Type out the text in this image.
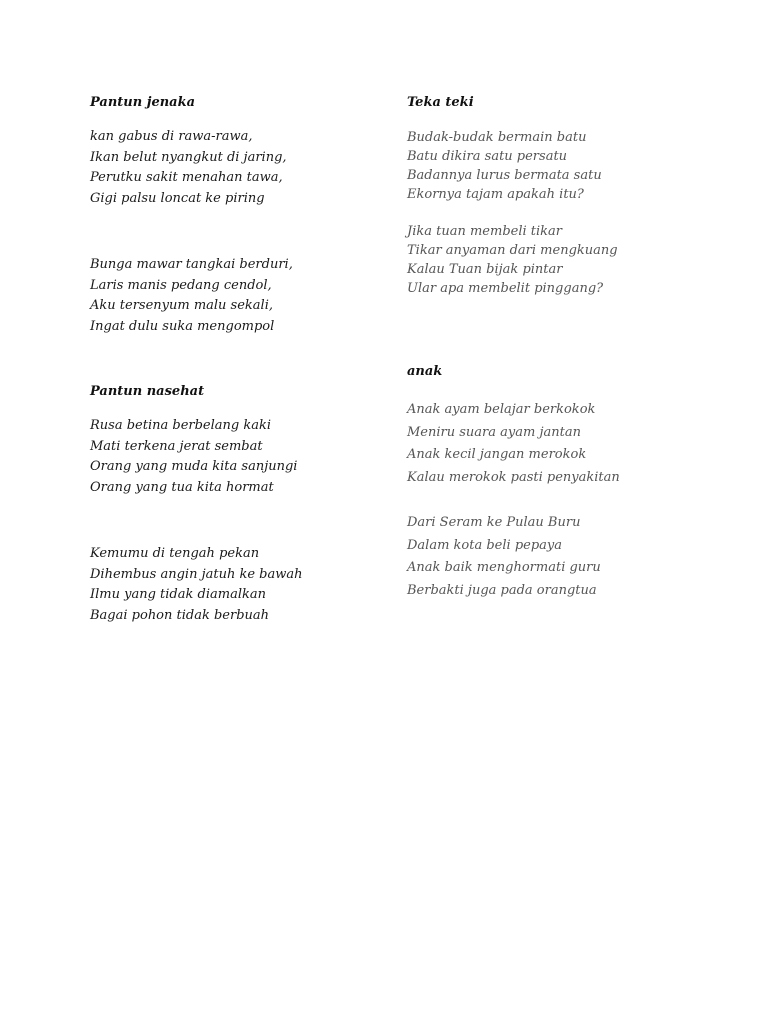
Pantun jenaka
kan gabus di rawa-rawa,
Ikan belut nyangkut di jaring,
Perutku sakit menahan tawa,
Gigi palsu loncat ke piring
Bunga mawar tangkai berduri,
Laris manis pedang cendol,
Aku tersenyum malu sekali,
Ingat dulu suka mengompol
Pantun nasehat
Rusa betina berbelang kaki
Mati terkena jerat sembat
Orang yang muda kita sanjungi
Orang yang tua kita hormat
Kemumu di tengah pekan
Dihembus angin jatuh ke bawah
Ilmu yang tidak diamalkan
Bagai pohon tidak berbuah
Teka teki
Budak-budak bermain batu
Batu dikira satu persatu
Badannya lurus bermata satu
Ekornya tajam apakah itu?
Jika tuan membeli tikar
Tikar anyaman dari mengkuang
Kalau Tuan bijak pintar
Ular apa membelit pinggang?
anak
Anak ayam belajar berkokok
Meniru suara ayam jantan
Anak kecil jangan merokok
Kalau merokok pasti penyakitan
Dari Seram ke Pulau Buru
Dalam kota beli pepaya
Anak baik menghormati guru
Berbakti juga pada orangtua
